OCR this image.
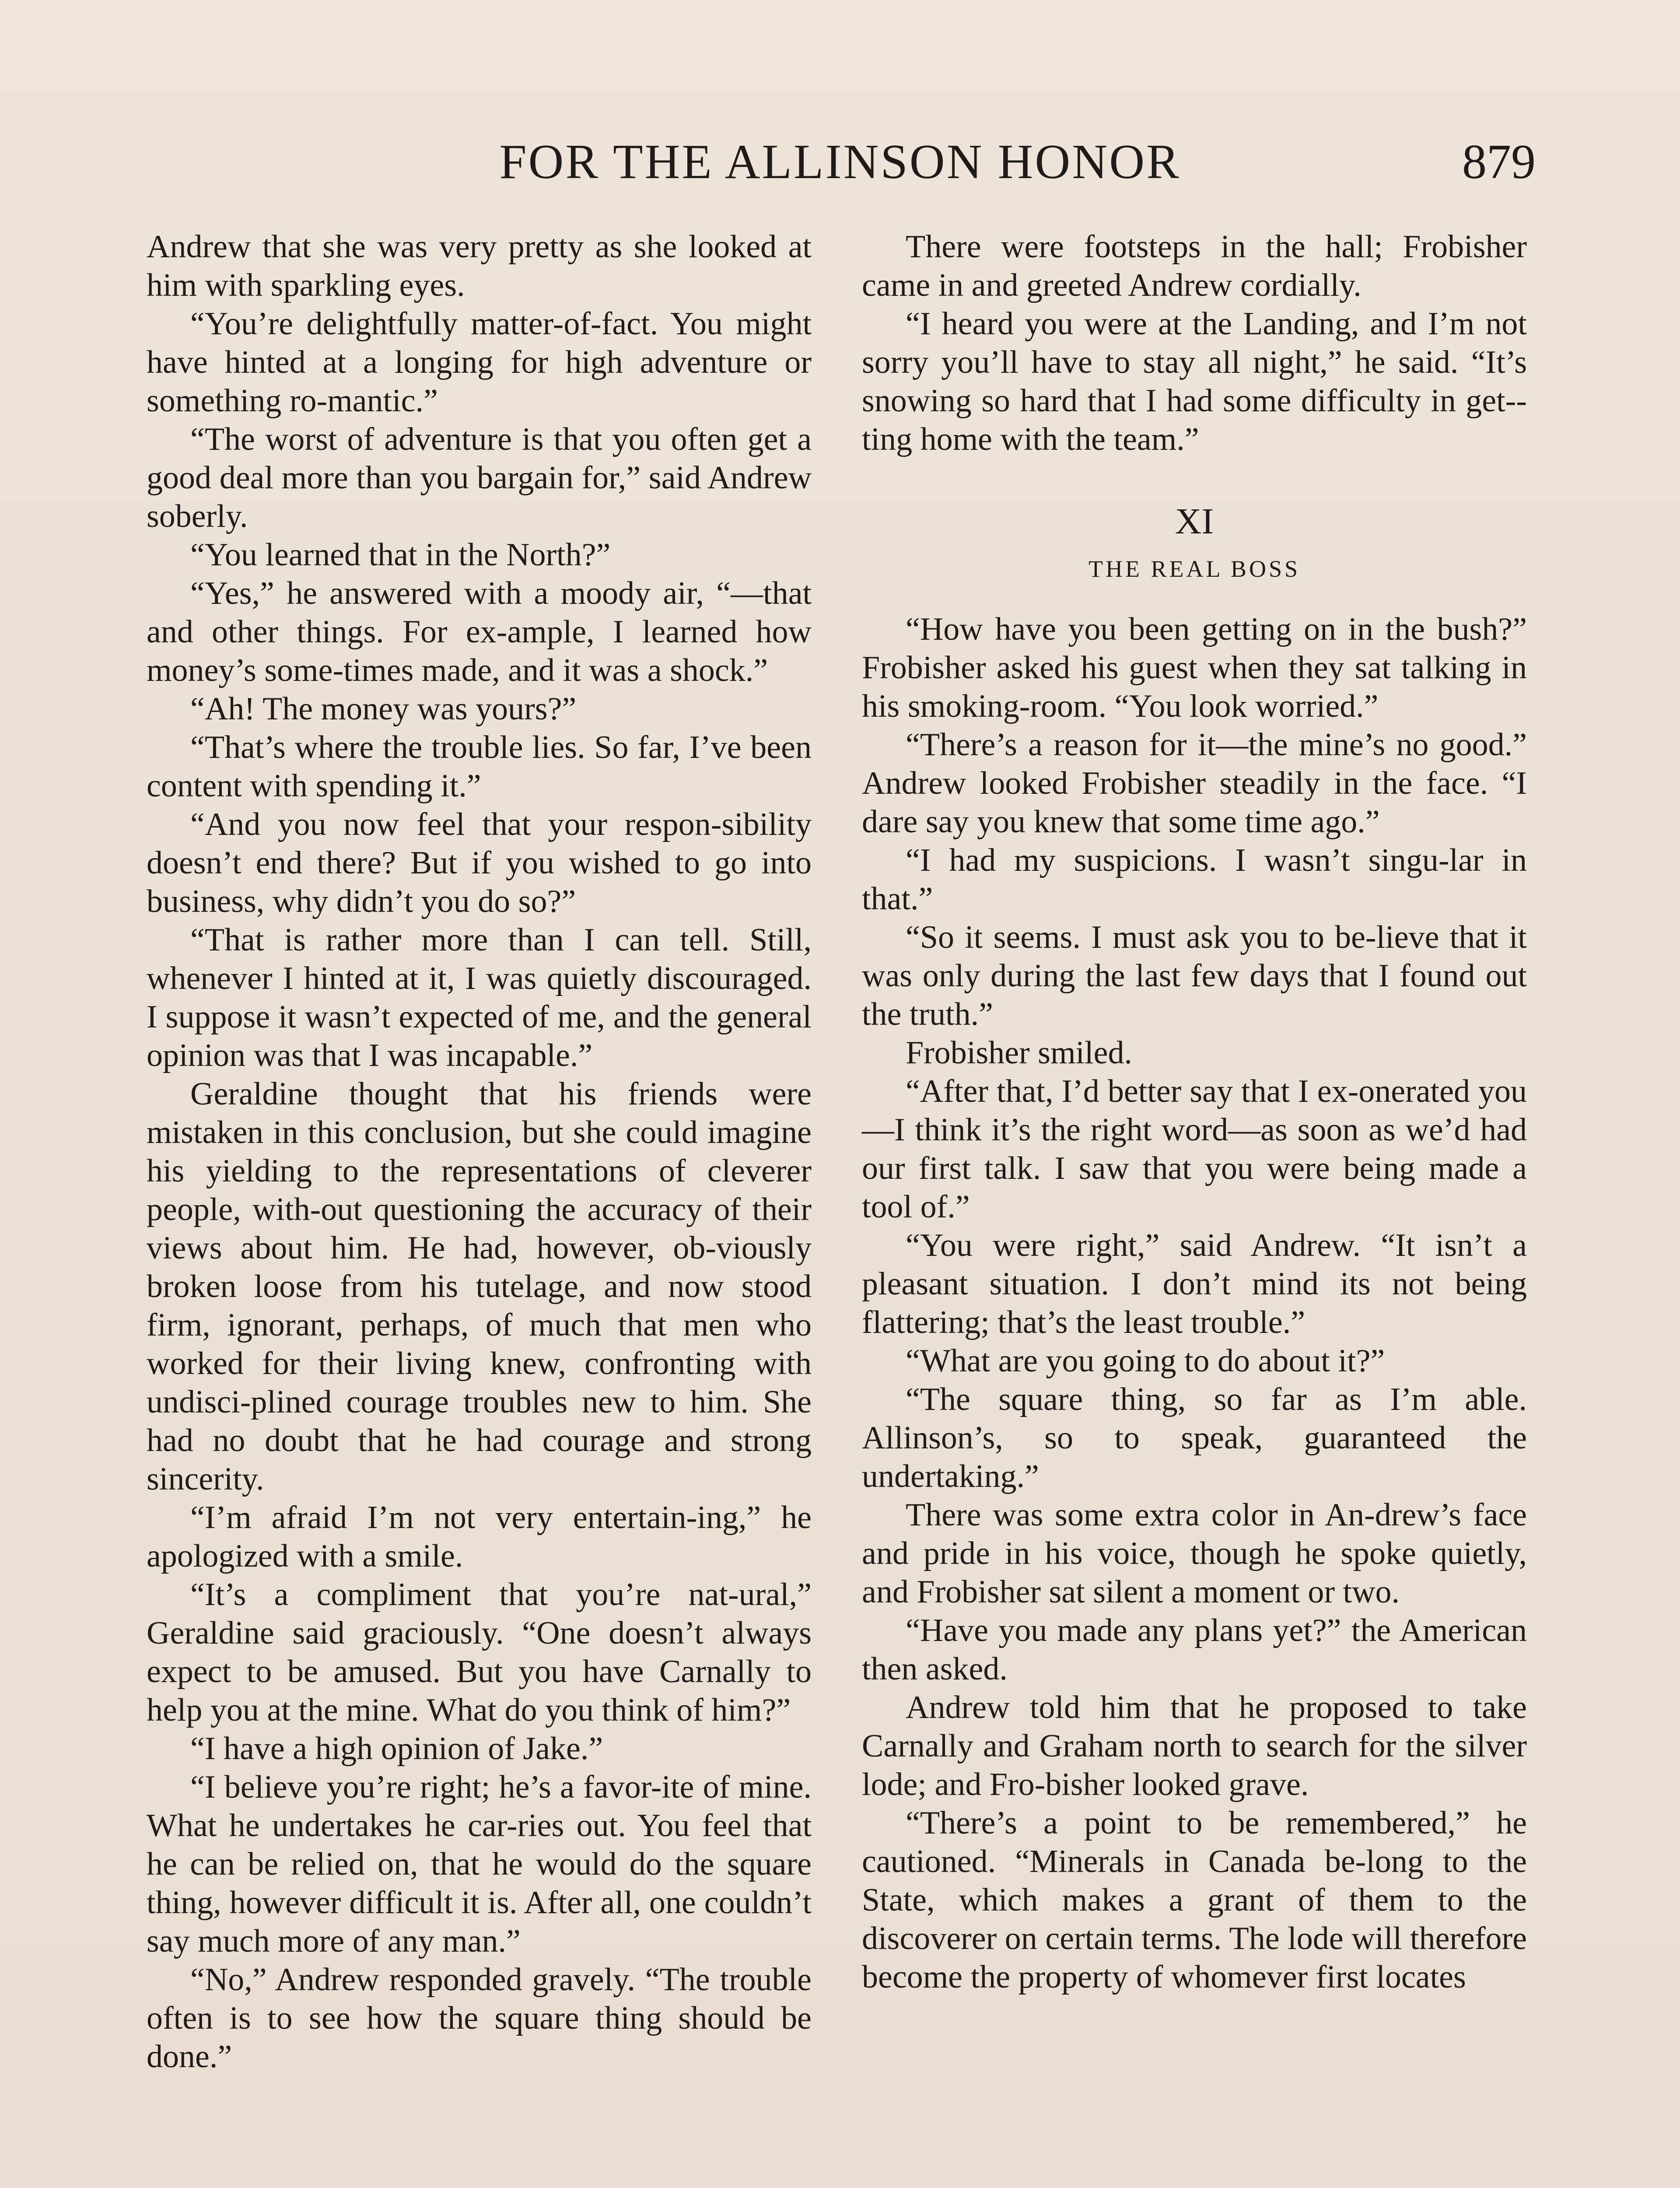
FOR THE ALLINSON HONOR	879

Andrew that she was very pretty as she looked at him with sparkling eyes.

“You’re delightfully matter-of-fact. You might have hinted at a longing for high adventure or something ro-mantic.”

“The worst of adventure is that you often get a good deal more than you bargain for,” said Andrew soberly.

“You learned that in the North?”

“Yes,” he answered with a moody air, “—that and other things. For ex-ample, I learned how money’s some-times made, and it was a shock.”

“Ah! The money was yours?”

“That’s where the trouble lies. So far, I’ve been content with spending it.”

“And you now feel that your respon-sibility doesn’t end there? But if you wished to go into business, why didn’t you do so?”

“That is rather more than I can tell. Still, whenever I hinted at it, I was quietly discouraged. I suppose it wasn’t expected of me, and the general opinion was that I was incapable.”

Geraldine thought that his friends were mistaken in this conclusion, but she could imagine his yielding to the representations of cleverer people, with-out questioning the accuracy of their views about him. He had, however, ob-viously broken loose from his tutelage, and now stood firm, ignorant, perhaps, of much that men who worked for their living knew, confronting with undisci-plined courage troubles new to him. She had no doubt that he had courage and strong sincerity.

“I’m afraid I’m not very entertain-ing,” he apologized with a smile.

“It’s a compliment that you’re nat-ural,” Geraldine said graciously. “One doesn’t always expect to be amused. But you have Carnally to help you at the mine. What do you think of him?”

“I have a high opinion of Jake.”

“I believe you’re right; he’s a favor-ite of mine. What he undertakes he car-ries out. You feel that he can be relied on, that he would do the square thing, however difficult it is. After all, one couldn’t say much more of any man.”

“No,” Andrew responded gravely. “The trouble often is to see how the square thing should be done.”

There were footsteps in the hall; Frobisher came in and greeted Andrew cordially.

“I heard you were at the Landing, and I’m not sorry you’ll have to stay all night,” he said. “It’s snowing so hard that I had some difficulty in get-ting home with the team.”

XI
THE REAL BOSS

“How have you been getting on in the bush?” Frobisher asked his guest when they sat talking in his smoking-room. “You look worried.”

“There’s a reason for it—the mine’s no good.” Andrew looked Frobisher steadily in the face. “I dare say you knew that some time ago.”

“I had my suspicions. I wasn’t singu-lar in that.”

“So it seems. I must ask you to be-lieve that it was only during the last few days that I found out the truth.”

Frobisher smiled.

“After that, I’d better say that I ex-onerated you—I think it’s the right word—as soon as we’d had our first talk. I saw that you were being made a tool of.”

“You were right,” said Andrew. “It isn’t a pleasant situation. I don’t mind its not being flattering; that’s the least trouble.”

“What are you going to do about it?”

“The square thing, so far as I’m able. Allinson’s, so to speak, guaranteed the undertaking.”

There was some extra color in An-drew’s face and pride in his voice, though he spoke quietly, and Frobisher sat silent a moment or two.

“Have you made any plans yet?” the American then asked.

Andrew told him that he proposed to take Carnally and Graham north to search for the silver lode; and Fro-bisher looked grave.

“There’s a point to be remembered,” he cautioned. “Minerals in Canada be-long to the State, which makes a grant of them to the discoverer on certain terms. The lode will therefore become the property of whomever first locates
